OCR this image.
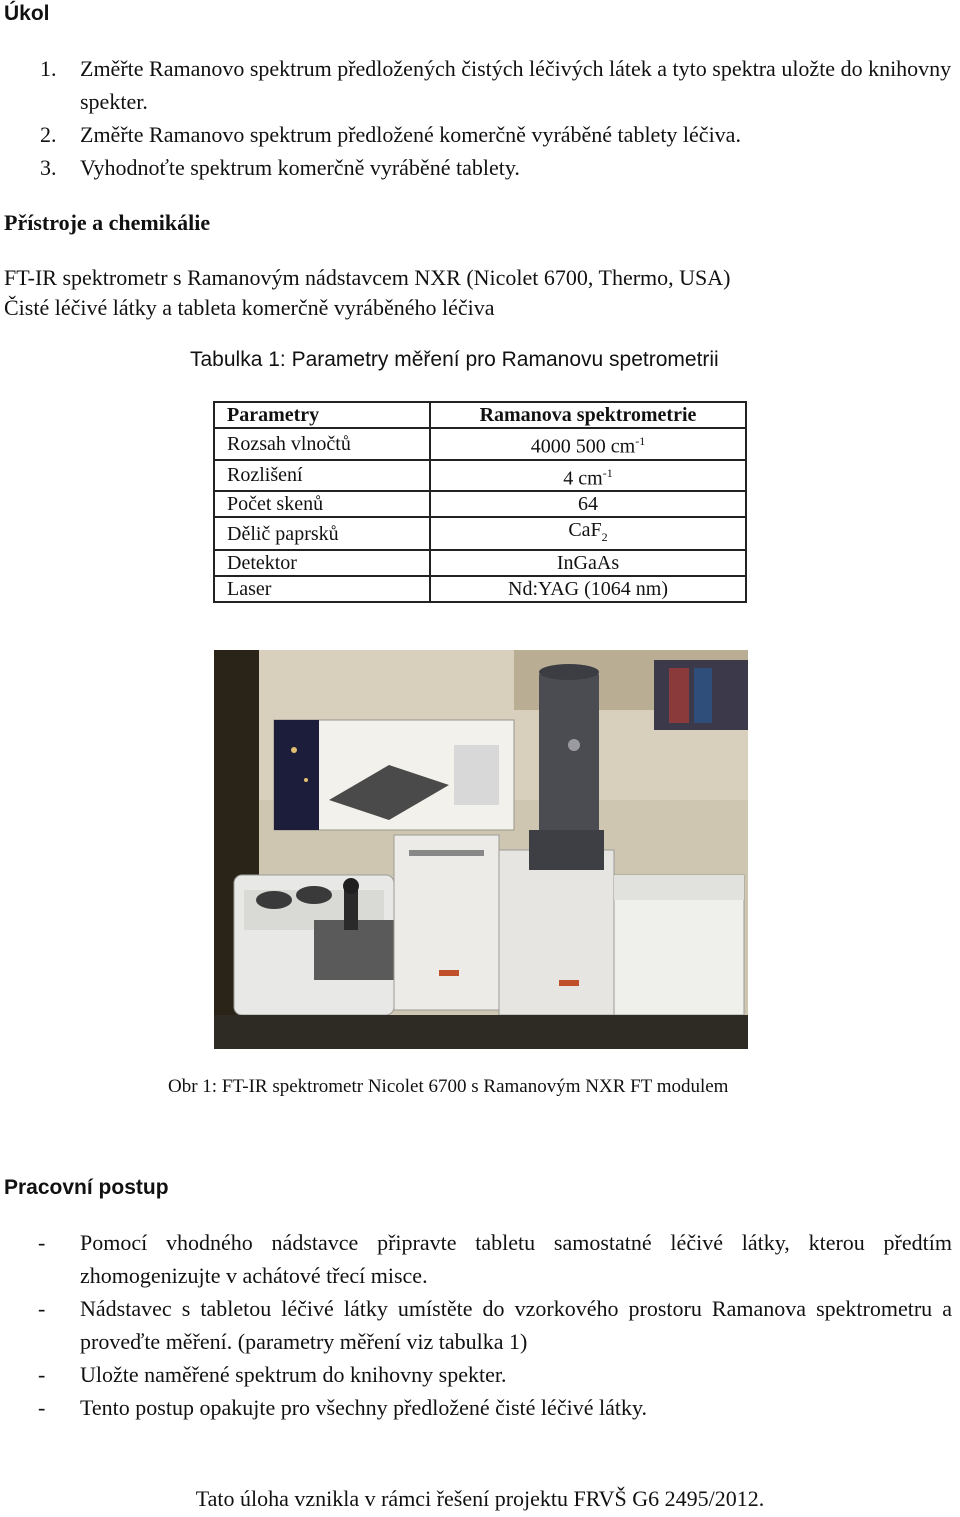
Úkol
1. Změřte Ramanovo spektrum předložených čistých léčivých látek a tyto spektra uložte do knihovny spekter.
2. Změřte Ramanovo spektrum předložené komerčně vyráběné tablety léčiva.
3. Vyhodnoťte spektrum komerčně vyráběné tablety.
Přístroje a chemikálie
FT-IR spektrometr s Ramanovým nádstavcem NXR (Nicolet 6700, Thermo, USA)
Čisté léčivé látky a tableta komerčně vyráběného léčiva
Tabulka 1: Parametry měření pro Ramanovu spetrometrii
Parametry	Ramanova spektrometrie
Rozsah vlnočtů	4000 500 $cm^{-1}$
Rozlišení	4 $cm^{-1}$
Počet skenů	64
Dělič paprsků	CaF$_2$
Detektor	InGaAs
Laser	Nd:YAG (1064 nm)
Obr 1: FT-IR spektrometr Nicolet 6700 s Ramanovým NXR FT modulem
Pracovní postup
- Pomocí vhodného nádstavce připravte tabletu samostatné léčivé látky, kterou předtím zhomogenizujte v achátové třecí misce.
- Nádstavec s tabletou léčivé látky umístěte do vzorkového prostoru Ramanova spektrometru a proveďte měření. (parametry měření viz tabulka 1)
- Uložte naměřené spektrum do knihovny spekter.
- Tento postup opakujte pro všechny předložené čisté léčivé látky.
Tato úloha vznikla v rámci řešení projektu FRVŠ G6 2495/2012.
